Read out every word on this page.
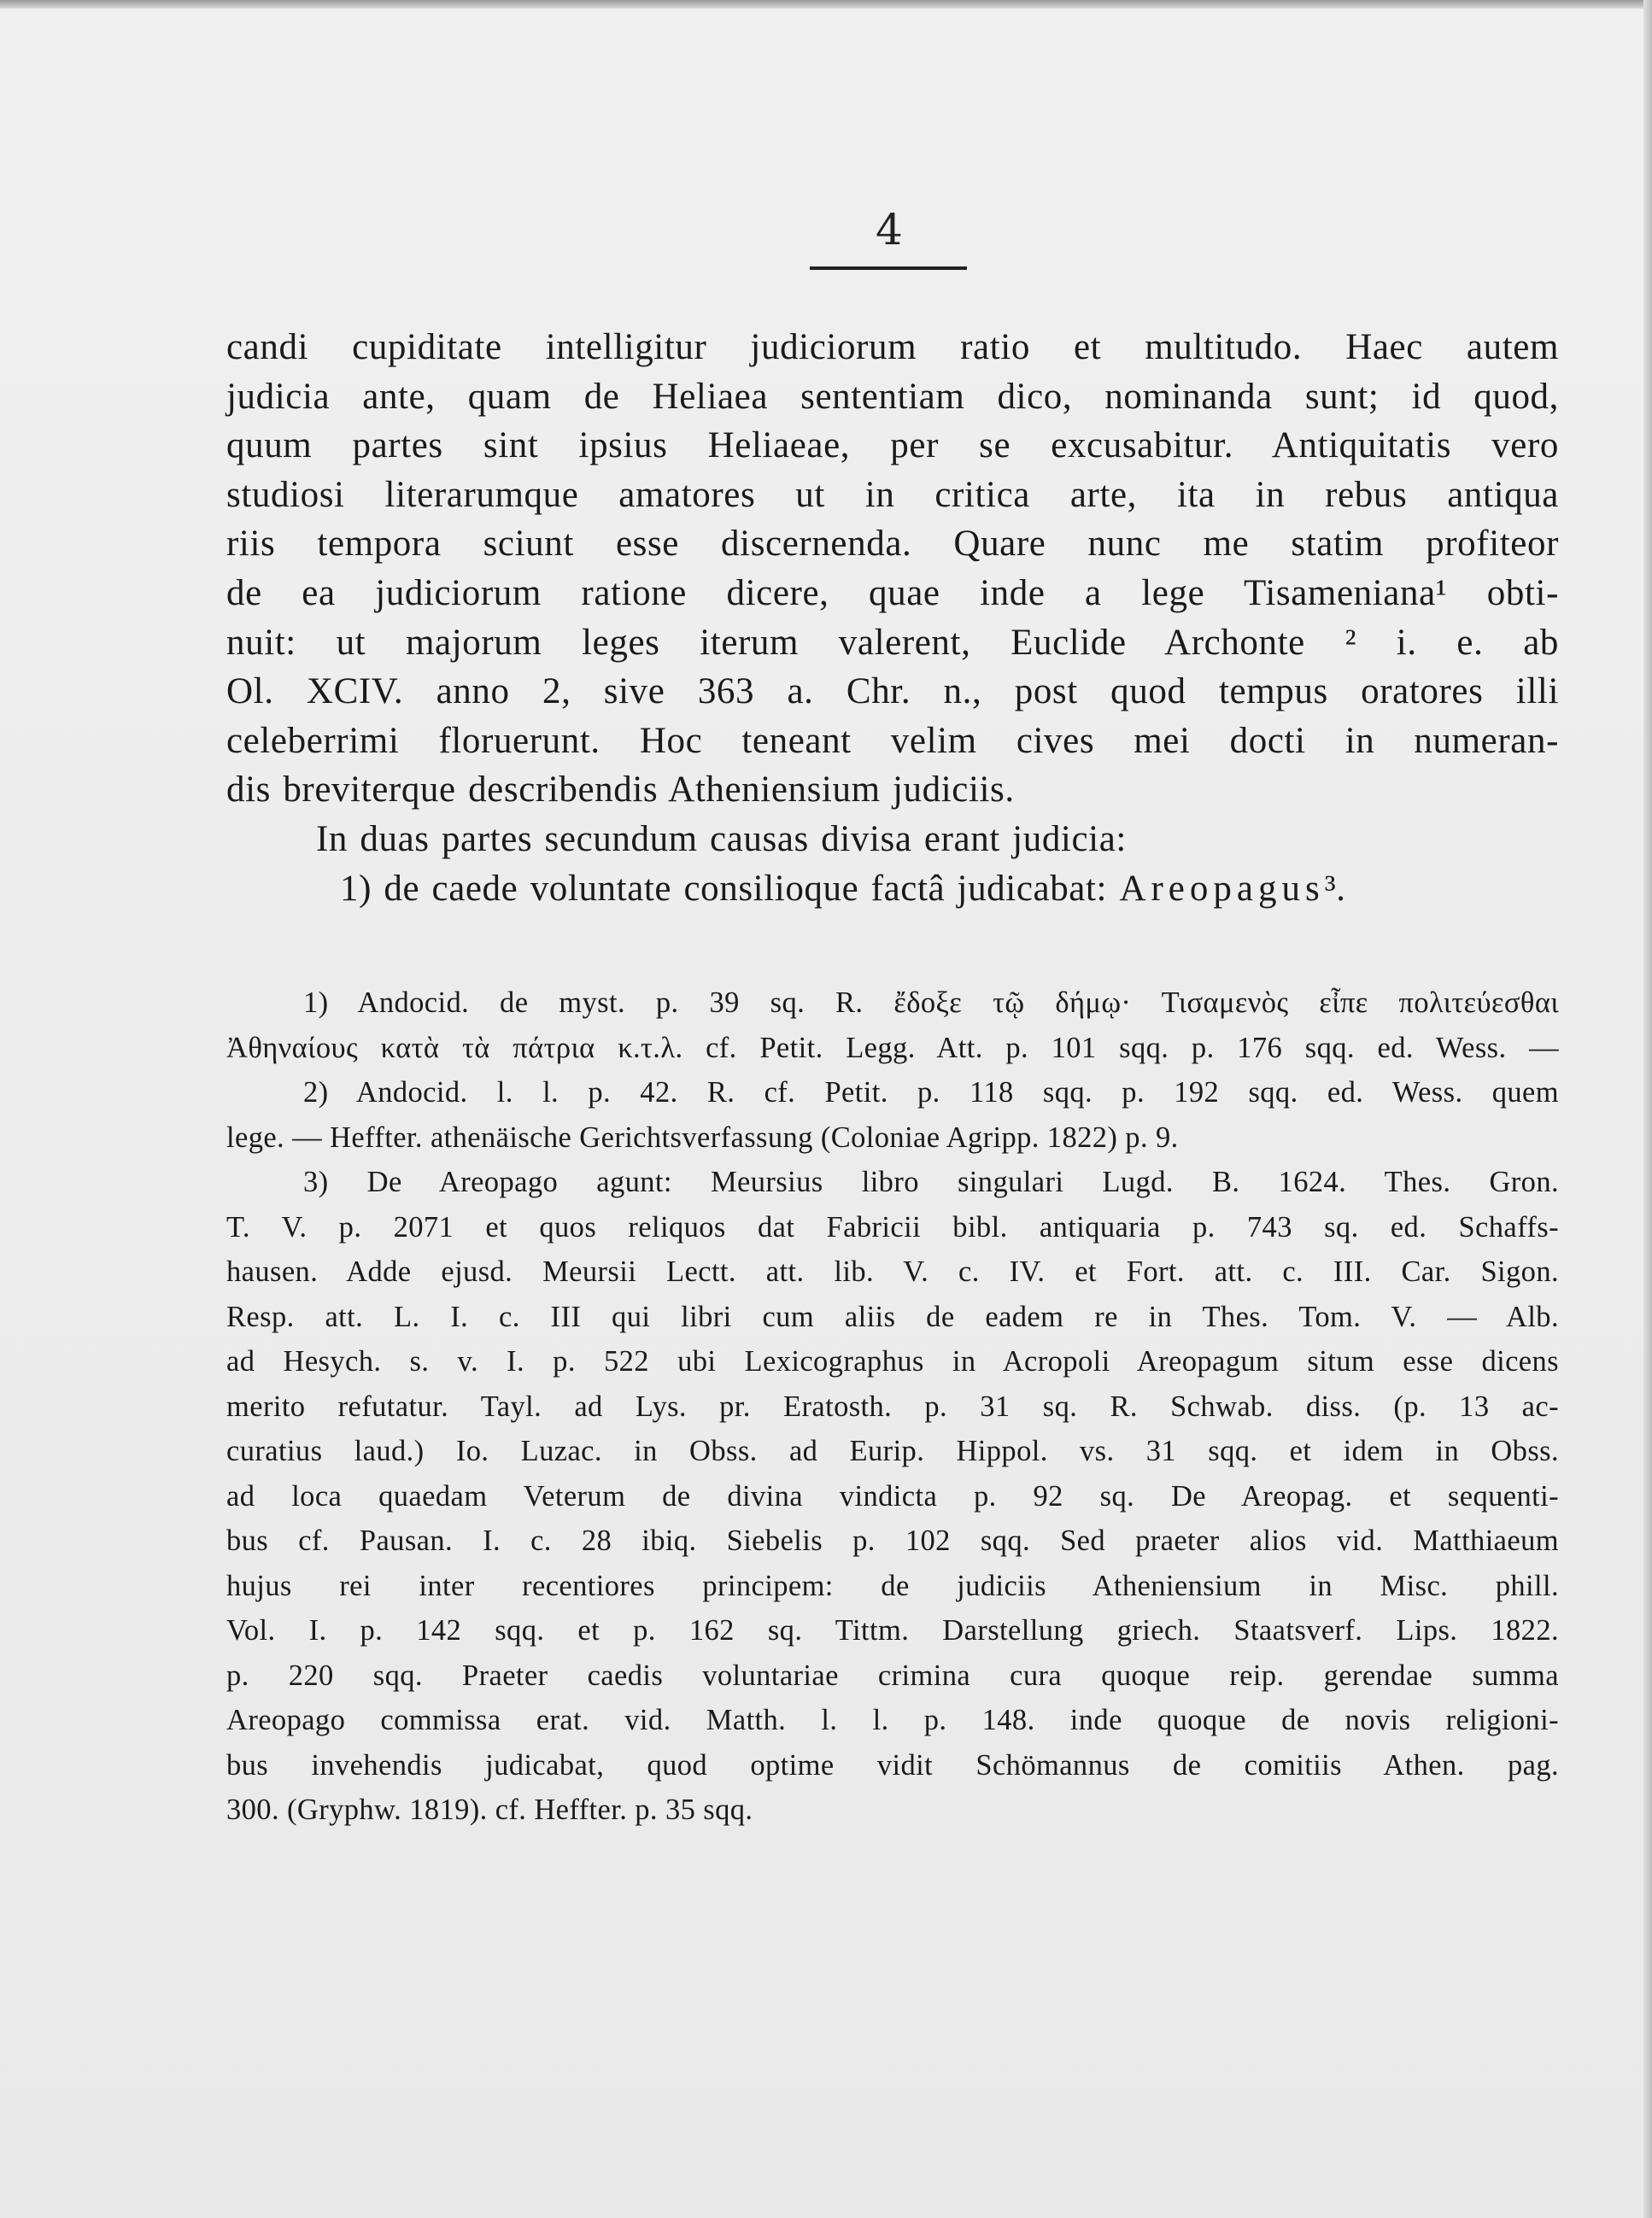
4
candi cupiditate intelligitur judiciorum ratio et multitudo. Haec autem
judicia ante, quam de Heliaea sententiam dico, nominanda sunt; id quod,
quum partes sint ipsius Heliaeae, per se excusabitur. Antiquitatis vero
studiosi literarumque amatores ut in critica arte, ita in rebus antiqua
riis tempora sciunt esse discernenda. Quare nunc me statim profiteor
de ea judiciorum ratione dicere, quae inde a lege Tisameniana¹ obti-
nuit: ut majorum leges iterum valerent, Euclide Archonte ² i. e. ab
Ol. XCIV. anno 2, sive 363 a. Chr. n., post quod tempus oratores illi
celeberrimi floruerunt. Hoc teneant velim cives mei docti in numeran-
dis breviterque describendis Atheniensium judiciis.
In duas partes secundum causas divisa erant judicia:
1) de caede voluntate consilioque factâ judicabat: Areopagus³.
1) Andocid. de myst. p. 39 sq. R. ἔδοξε τῷ δήμῳ· Τισαμενὸς εἶπε πολιτεύεσθαι
Ἀθηναίους κατὰ τὰ πάτρια κ.τ.λ. cf. Petit. Legg. Att. p. 101 sqq. p. 176 sqq. ed. Wess. —
2) Andocid. l. l. p. 42. R. cf. Petit. p. 118 sqq. p. 192 sqq. ed. Wess. quem
lege. — Heffter. athenäische Gerichtsverfassung (Coloniae Agripp. 1822) p. 9.
3) De Areopago agunt: Meursius libro singulari Lugd. B. 1624. Thes. Gron.
T. V. p. 2071 et quos reliquos dat Fabricii bibl. antiquaria p. 743 sq. ed. Schaffs-
hausen. Adde ejusd. Meursii Lectt. att. lib. V. c. IV. et Fort. att. c. III. Car. Sigon.
Resp. att. L. I. c. III qui libri cum aliis de eadem re in Thes. Tom. V. — Alb.
ad Hesych. s. v. I. p. 522 ubi Lexicographus in Acropoli Areopagum situm esse dicens
merito refutatur. Tayl. ad Lys. pr. Eratosth. p. 31 sq. R. Schwab. diss. (p. 13 ac-
curatius laud.) Io. Luzac. in Obss. ad Eurip. Hippol. vs. 31 sqq. et idem in Obss.
ad loca quaedam Veterum de divina vindicta p. 92 sq. De Areopag. et sequenti-
bus cf. Pausan. I. c. 28 ibiq. Siebelis p. 102 sqq. Sed praeter alios vid. Matthiaeum
hujus rei inter recentiores principem: de judiciis Atheniensium in Misc. phill.
Vol. I. p. 142 sqq. et p. 162 sq. Tittm. Darstellung griech. Staatsverf. Lips. 1822.
p. 220 sqq. Praeter caedis voluntariae crimina cura quoque reip. gerendae summa
Areopago commissa erat. vid. Matth. l. l. p. 148. inde quoque de novis religioni-
bus invehendis judicabat, quod optime vidit Schömannus de comitiis Athen. pag.
300. (Gryphw. 1819). cf. Heffter. p. 35 sqq.
